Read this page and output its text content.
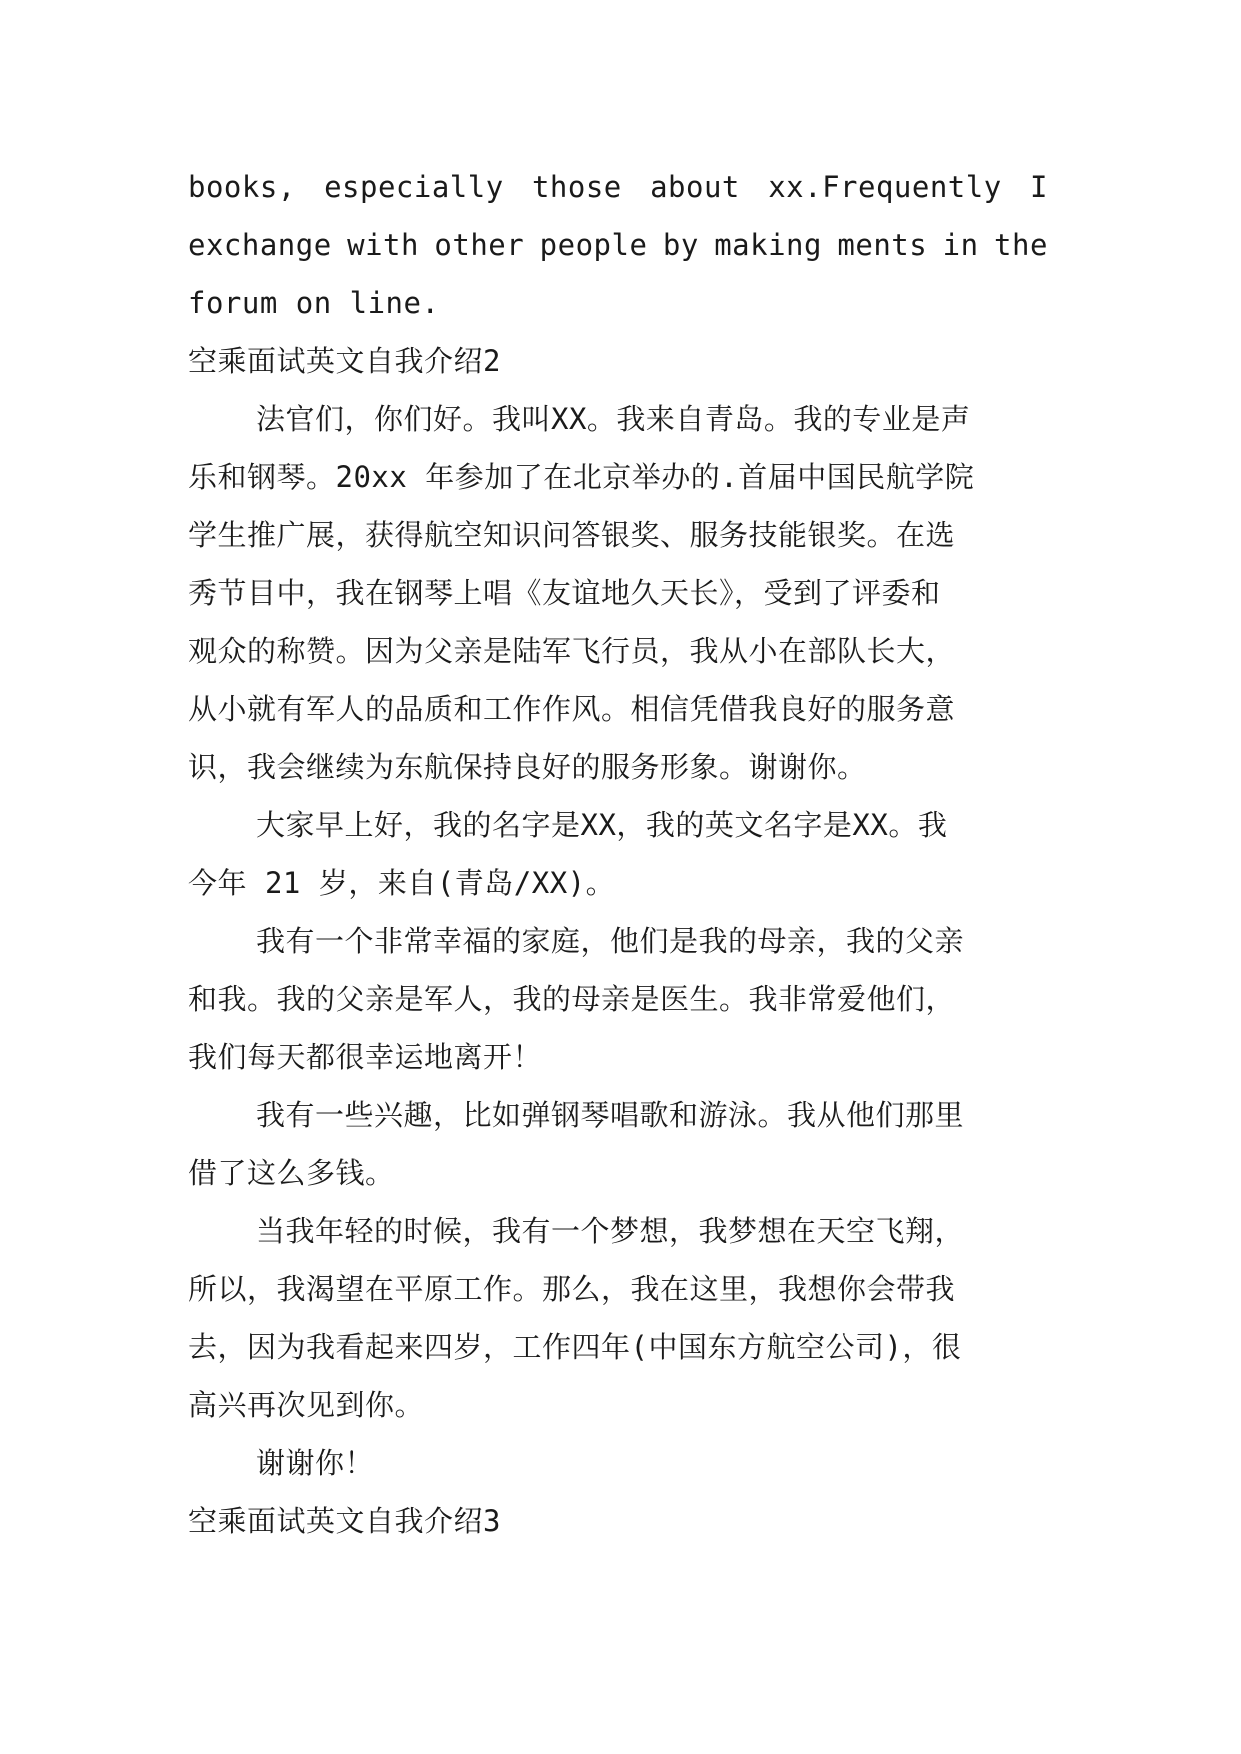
books, especially those about xx.Frequently I
exchange with other people by making ments in the
forum on line.
空乘面试英文自我介绍2
法官们，你们好。我叫XX。我来自青岛。我的专业是声
乐和钢琴。20xx 年参加了在北京举办的.首届中国民航学院
学生推广展，获得航空知识问答银奖、服务技能银奖。在选
秀节目中，我在钢琴上唱《友谊地久天长》，受到了评委和
观众的称赞。因为父亲是陆军飞行员，我从小在部队长大，
从小就有军人的品质和工作作风。相信凭借我良好的服务意
识，我会继续为东航保持良好的服务形象。谢谢你。
大家早上好，我的名字是XX，我的英文名字是XX。我
今年 21 岁，来自(青岛/XX)。
我有一个非常幸福的家庭，他们是我的母亲，我的父亲
和我。我的父亲是军人，我的母亲是医生。我非常爱他们，
我们每天都很幸运地离开！
我有一些兴趣，比如弹钢琴唱歌和游泳。我从他们那里
借了这么多钱。
当我年轻的时候，我有一个梦想，我梦想在天空飞翔，
所以，我渴望在平原工作。那么，我在这里，我想你会带我
去，因为我看起来四岁，工作四年(中国东方航空公司)，很
高兴再次见到你。
谢谢你！
空乘面试英文自我介绍3
